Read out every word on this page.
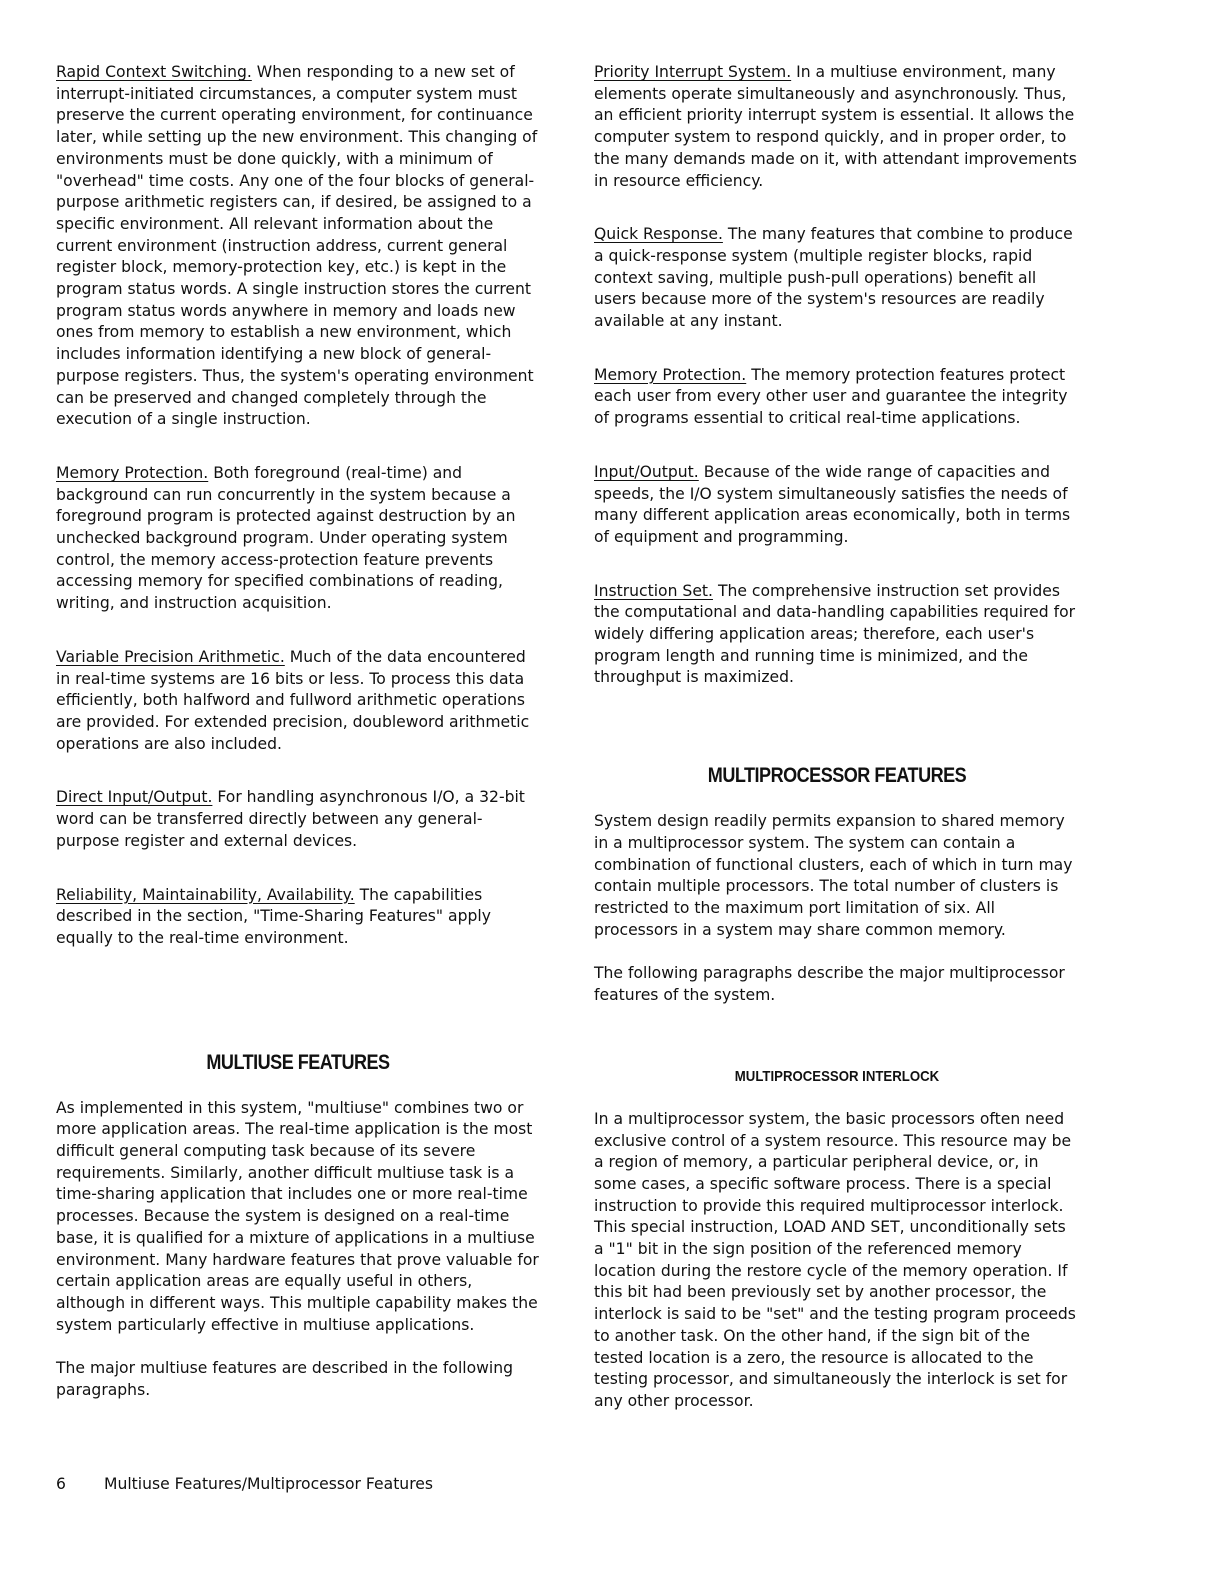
Rapid Context Switching. When responding to a new set of interrupt-initiated circumstances, a computer system must preserve the current operating environment, for continuance later, while setting up the new environment. This changing of environments must be done quickly, with a minimum of "overhead" time costs. Any one of the four blocks of general-purpose arithmetic registers can, if desired, be assigned to a specific environment. All relevant information about the current environment (instruction address, current general register block, memory-protection key, etc.) is kept in the program status words. A single instruction stores the current program status words anywhere in memory and loads new ones from memory to establish a new environment, which includes information identifying a new block of general-purpose registers. Thus, the system's operating environment can be preserved and changed completely through the execution of a single instruction.

Memory Protection. Both foreground (real-time) and background can run concurrently in the system because a foreground program is protected against destruction by an unchecked background program. Under operating system control, the memory access-protection feature prevents accessing memory for specified combinations of reading, writing, and instruction acquisition.

Variable Precision Arithmetic. Much of the data encountered in real-time systems are 16 bits or less. To process this data efficiently, both halfword and fullword arithmetic operations are provided. For extended precision, doubleword arithmetic operations are also included.

Direct Input/Output. For handling asynchronous I/O, a 32-bit word can be transferred directly between any general-purpose register and external devices.

Reliability, Maintainability, Availability. The capabilities described in the section, "Time-Sharing Features" apply equally to the real-time environment.

MULTIUSE FEATURES

As implemented in this system, "multiuse" combines two or more application areas. The real-time application is the most difficult general computing task because of its severe requirements. Similarly, another difficult multiuse task is a time-sharing application that includes one or more real-time processes. Because the system is designed on a real-time base, it is qualified for a mixture of applications in a multiuse environment. Many hardware features that prove valuable for certain application areas are equally useful in others, although in different ways. This multiple capability makes the system particularly effective in multiuse applications.

The major multiuse features are described in the following paragraphs.

Priority Interrupt System. In a multiuse environment, many elements operate simultaneously and asynchronously. Thus, an efficient priority interrupt system is essential. It allows the computer system to respond quickly, and in proper order, to the many demands made on it, with attendant improvements in resource efficiency.

Quick Response. The many features that combine to produce a quick-response system (multiple register blocks, rapid context saving, multiple push-pull operations) benefit all users because more of the system's resources are readily available at any instant.

Memory Protection. The memory protection features protect each user from every other user and guarantee the integrity of programs essential to critical real-time applications.

Input/Output. Because of the wide range of capacities and speeds, the I/O system simultaneously satisfies the needs of many different application areas economically, both in terms of equipment and programming.

Instruction Set. The comprehensive instruction set provides the computational and data-handling capabilities required for widely differing application areas; therefore, each user's program length and running time is minimized, and the throughput is maximized.

MULTIPROCESSOR FEATURES

System design readily permits expansion to shared memory in a multiprocessor system. The system can contain a combination of functional clusters, each of which in turn may contain multiple processors. The total number of clusters is restricted to the maximum port limitation of six. All processors in a system may share common memory.

The following paragraphs describe the major multiprocessor features of the system.

MULTIPROCESSOR INTERLOCK

In a multiprocessor system, the basic processors often need exclusive control of a system resource. This resource may be a region of memory, a particular peripheral device, or, in some cases, a specific software process. There is a special instruction to provide this required multiprocessor interlock. This special instruction, LOAD AND SET, unconditionally sets a "1" bit in the sign position of the referenced memory location during the restore cycle of the memory operation. If this bit had been previously set by another processor, the interlock is said to be "set" and the testing program proceeds to another task. On the other hand, if the sign bit of the tested location is a zero, the resource is allocated to the testing processor, and simultaneously the interlock is set for any other processor.

6 Multiuse Features/Multiprocessor Features
